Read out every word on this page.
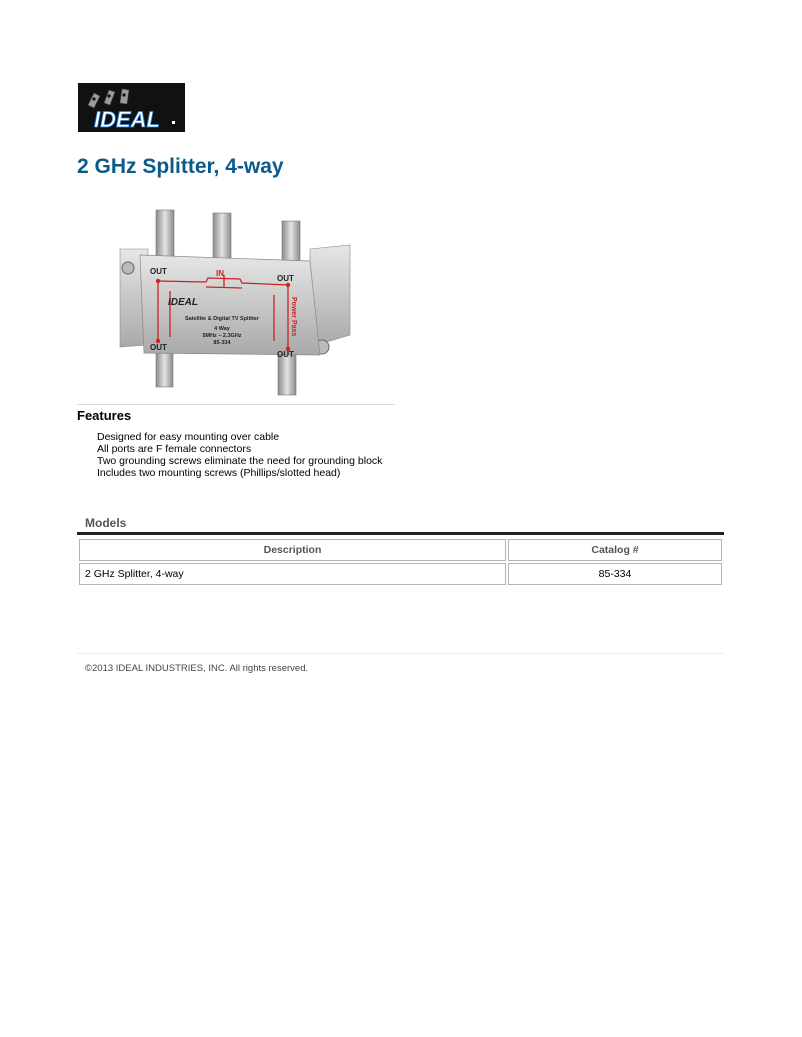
IDEAL
2 GHz Splitter, 4-way
OUT	IN
OUT
OUT
OUT
Power Pass
IDEAL
Satellite & Digital TV Splitter
4 Way
5MHz – 2.3GHz
85-334
Features
Designed for easy mounting over cable
All ports are F female connectors
Two grounding screws eliminate the need for grounding block
Includes two mounting screws (Phillips/slotted head)
Models
Description	Catalog #
2 GHz Splitter, 4-way	85-334

©2013 IDEAL INDUSTRIES, INC. All rights reserved.
